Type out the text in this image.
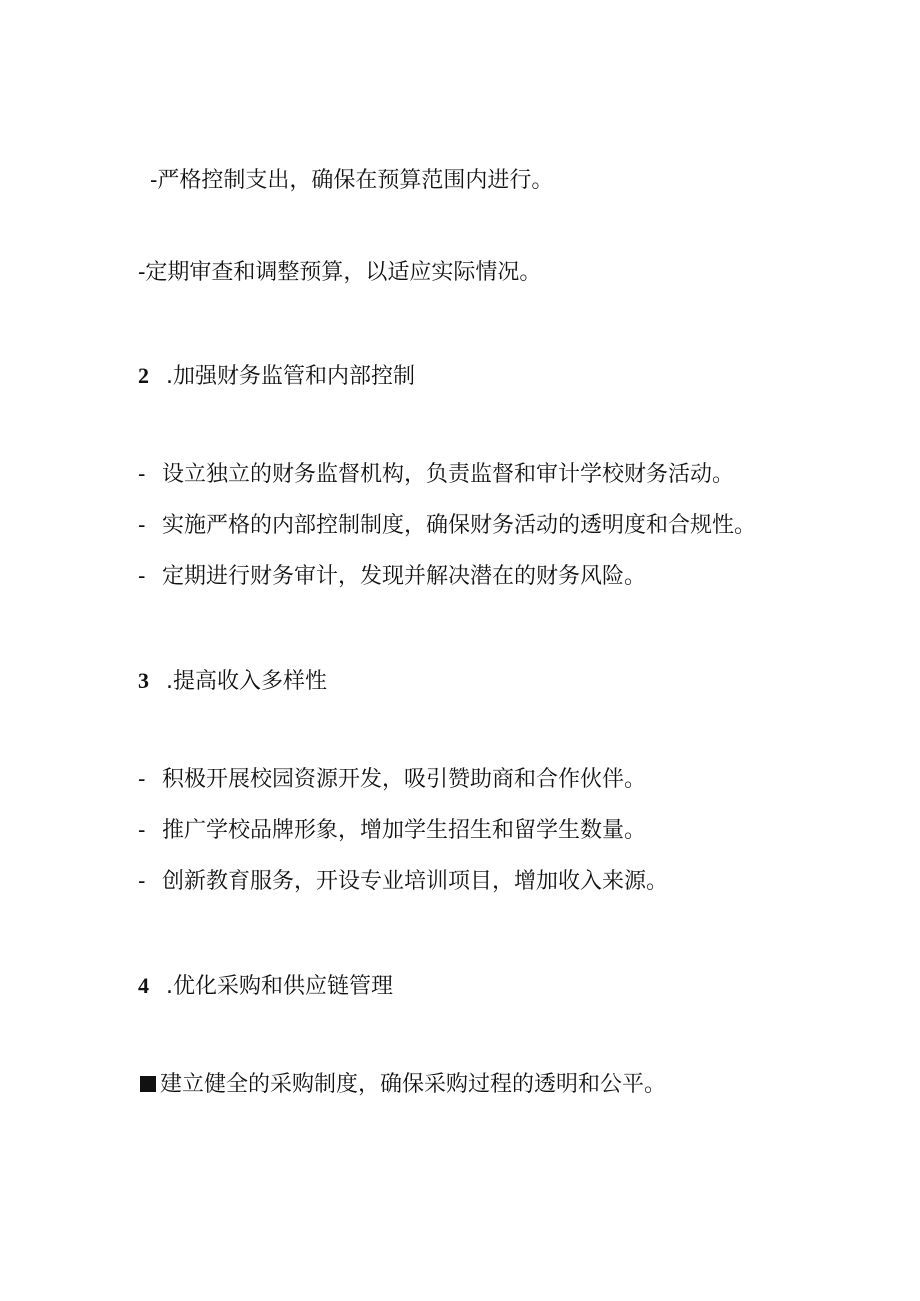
-严格控制支出，确保在预算范围内进行。
-定期审查和调整预算，以适应实际情况。
2 .加强财务监管和内部控制
- 设立独立的财务监督机构，负责监督和审计学校财务活动。
- 实施严格的内部控制制度，确保财务活动的透明度和合规性。
- 定期进行财务审计，发现并解决潜在的财务风险。
3 .提高收入多样性
- 积极开展校园资源开发，吸引赞助商和合作伙伴。
- 推广学校品牌形象，增加学生招生和留学生数量。
- 创新教育服务，开设专业培训项目，增加收入来源。
4 .优化采购和供应链管理
建立健全的采购制度，确保采购过程的透明和公平。
